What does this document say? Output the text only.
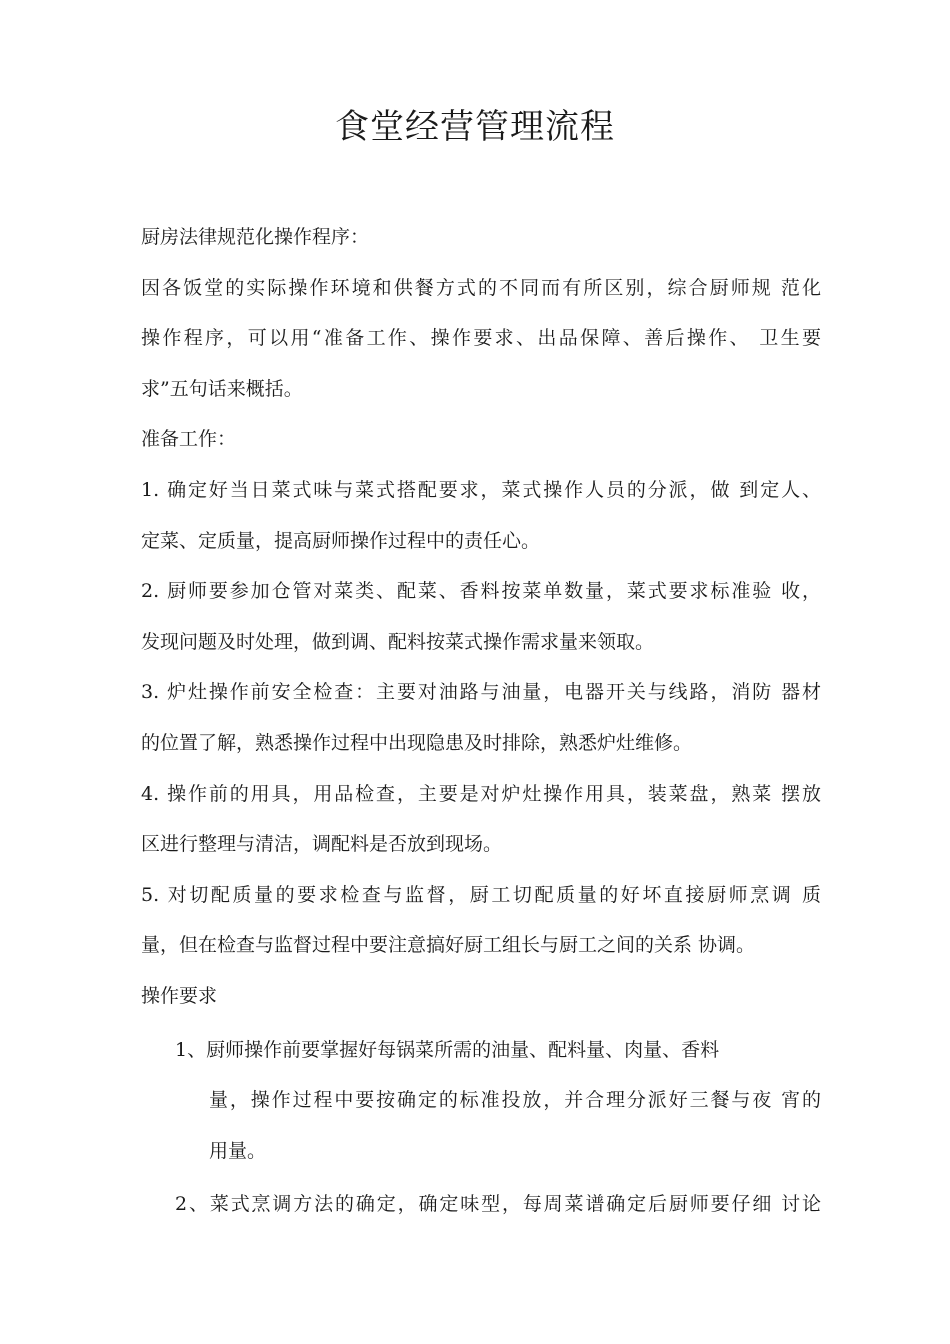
食堂经营管理流程
厨房法律规范化操作程序：
因各饭堂的实际操作环境和供餐方式的不同而有所区别，综合厨师规 范化
操作程序，可以用“准备工作、操作要求、出品保障、善后操作、 卫生要
求”五句话来概括。
准备工作：
1. 确定好当日菜式味与菜式搭配要求，菜式操作人员的分派，做 到定人、
定菜、定质量，提高厨师操作过程中的责任心。
2. 厨师要参加仓管对菜类、配菜、香料按菜单数量，菜式要求标准验 收，
发现问题及时处理，做到调、配料按菜式操作需求量来领取。
3. 炉灶操作前安全检查：主要对油路与油量，电器开关与线路，消防 器材
的位置了解，熟悉操作过程中出现隐患及时排除，熟悉炉灶维修。
4. 操作前的用具，用品检查，主要是对炉灶操作用具，装菜盘，熟菜 摆放
区进行整理与清洁，调配料是否放到现场。
5. 对切配质量的要求检查与监督，厨工切配质量的好坏直接厨师烹调 质
量，但在检查与监督过程中要注意搞好厨工组长与厨工之间的关系 协调。
操作要求
1、厨师操作前要掌握好每锅菜所需的油量、配料量、肉量、香料
量，操作过程中要按确定的标准投放，并合理分派好三餐与夜 宵的
用量。
2、菜式烹调方法的确定，确定味型，每周菜谱确定后厨师要仔细 讨论
